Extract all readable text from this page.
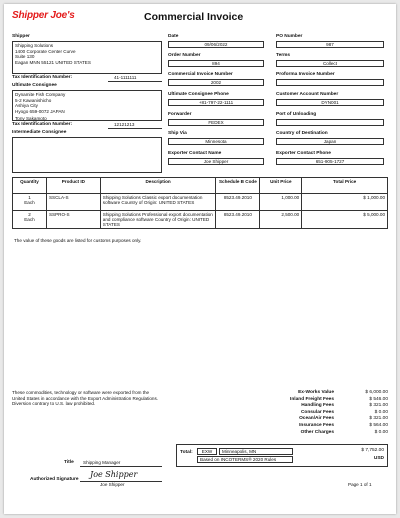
Shipper Joe's	Commercial Invoice
Shipper
Shipping Solutions
1400 Corporate Center Curve
Suite 130
Eagan MNN 55121 UNITED STATES
Tax Identification Number:	41-1111111
Ultimate Consignee
Dynamite Fish Company
5-2 Kawanishicho
Ashiya City
Hyogo 659-0072 JAPAN
Tony Sakamoto
Tax Identification Number:	12121213
Intermediate Consignee
Date
09/06/2022
PO Number
987
Order Number
894
Terms
Collect
Commercial Invoice Number
2002
Proforma Invoice Number
Ultimate Consignee Phone
+81-797-22-1111
Customer Account Number
DYN001
Forwarder
FEDEX
Port of Unloading
Ship Via
Minnesota
Country of Destination
Japan
Exporter Contact Name
Joe Shipper
Exporter Contact Phone
651-905-1727
Quantity	Product ID	Description	Schedule B Code	Unit Price	Total Price

1
Each	SSCLA-S	Shipping Solutions Classic export documentation software Country of Origin: UNITED STATES	8523.49.2010	1,000.00	$ 1,000.00

2
Each	SSPRO-S	Shipping Solutions Professional export documentation and compliance software Country of Origin: UNITED STATES	8523.49.2010	2,500.00	$ 5,000.00
The value of these goods are listed for customs purposes only.
These commodities, technology or software were exported from the United States in accordance with the Export Administration Regulations. Diversion contrary to U.S. law prohibited.
Ex-Works Value	$ 6,000.00
Inland Freight Fees	$ 546.00
Handling Fees	$ 321.00
Consular Fees	$ 0.00
Ocean/Air Fees	$ 321.00
Insurance Fees	$ 564.00
Other Charges	$ 0.00
Total:	EXW	Minneapolis, MN
Based on INCOTERMS® 2020 Rules
$ 7,752.00
USD
Title Shipping Manager
Authorized Signature
Joe Shipper
Joe Shipper	Page 1 of 1
